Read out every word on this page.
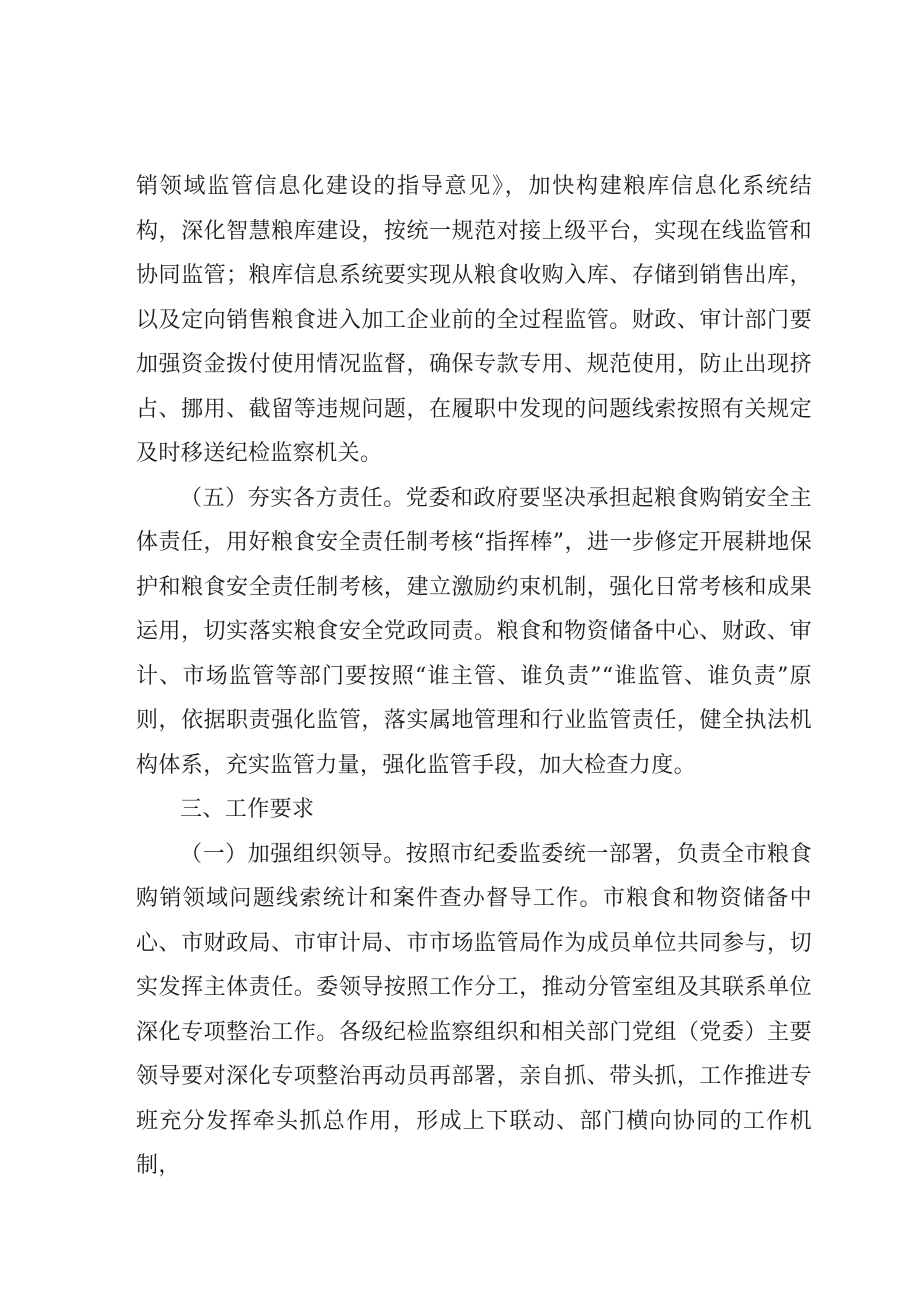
销领域监管信息化建设的指导意见》，加快构建粮库信息化系统结构，深化智慧粮库建设，按统一规范对接上级平台，实现在线监管和协同监管；粮库信息系统要实现从粮食收购入库、存储到销售出库，以及定向销售粮食进入加工企业前的全过程监管。财政、审计部门要加强资金拨付使用情况监督，确保专款专用、规范使用，防止出现挤占、挪用、截留等违规问题，在履职中发现的问题线索按照有关规定及时移送纪检监察机关。

（五）夯实各方责任。党委和政府要坚决承担起粮食购销安全主体责任，用好粮食安全责任制考核“指挥棒”，进一步修定开展耕地保护和粮食安全责任制考核，建立激励约束机制，强化日常考核和成果运用，切实落实粮食安全党政同责。粮食和物资储备中心、财政、审计、市场监管等部门要按照“谁主管、谁负责”“谁监管、谁负责”原则，依据职责强化监管，落实属地管理和行业监管责任，健全执法机构体系，充实监管力量，强化监管手段，加大检查力度。

三、工作要求

（一）加强组织领导。按照市纪委监委统一部署，负责全市粮食购销领域问题线索统计和案件查办督导工作。市粮食和物资储备中心、市财政局、市审计局、市市场监管局作为成员单位共同参与，切实发挥主体责任。委领导按照工作分工，推动分管室组及其联系单位深化专项整治工作。各级纪检监察组织和相关部门党组（党委）主要领导要对深化专项整治再动员再部署，亲自抓、带头抓，工作推进专班充分发挥牵头抓总作用，形成上下联动、部门横向协同的工作机制，
